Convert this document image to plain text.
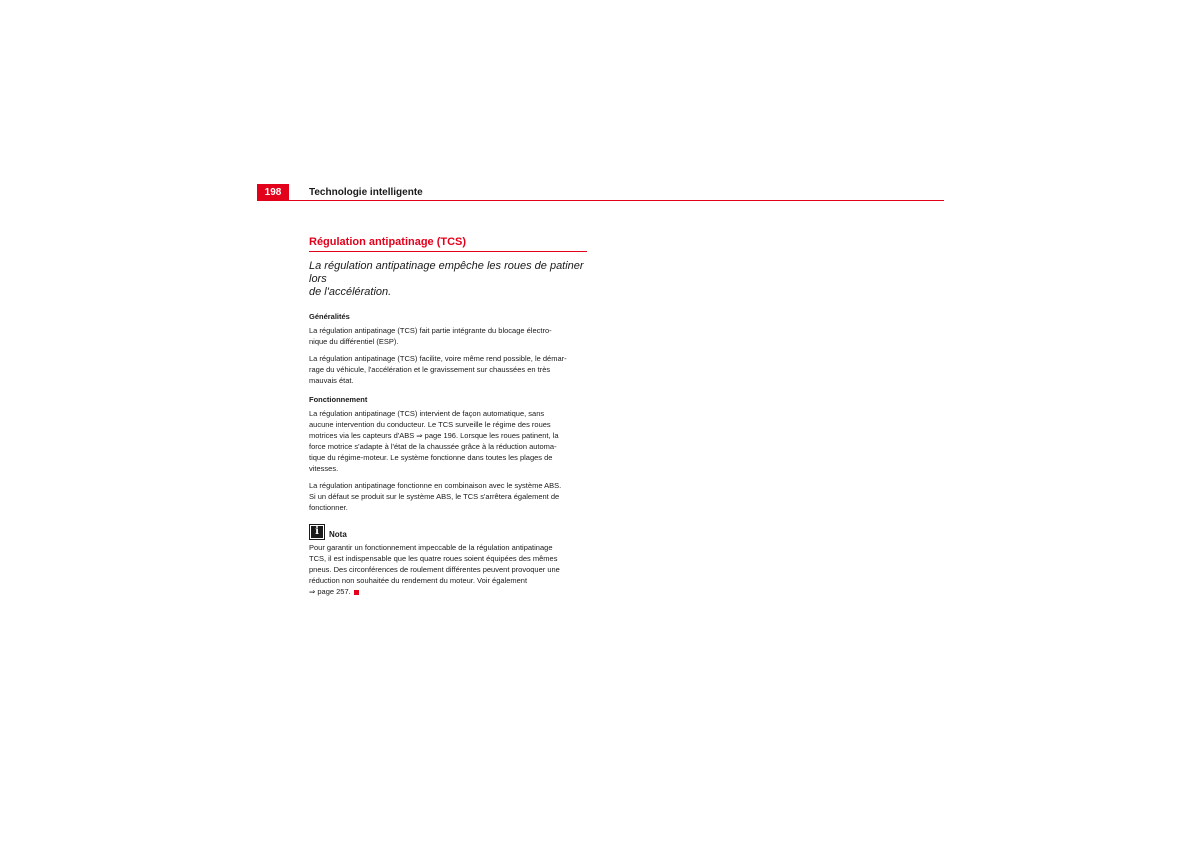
198	Technologie intelligente
Régulation antipatinage (TCS)

La régulation antipatinage empêche les roues de patiner lors
de l'accélération.

Généralités

La régulation antipatinage (TCS) fait partie intégrante du blocage électro-
nique du différentiel (ESP).

La régulation antipatinage (TCS) facilite, voire même rend possible, le démar-
rage du véhicule, l'accélération et le gravissement sur chaussées en très
mauvais état.

Fonctionnement

La régulation antipatinage (TCS) intervient de façon automatique, sans
aucune intervention du conducteur. Le TCS surveille le régime des roues
motrices via les capteurs d'ABS ⇒ page 196. Lorsque les roues patinent, la
force motrice s'adapte à l'état de la chaussée grâce à la réduction automa-
tique du régime-moteur. Le système fonctionne dans toutes les plages de
vitesses.

La régulation antipatinage fonctionne en combinaison avec le système ABS.
Si un défaut se produit sur le système ABS, le TCS s'arrêtera également de
fonctionner.

i	Nota

Pour garantir un fonctionnement impeccable de la régulation antipatinage
TCS, il est indispensable que les quatre roues soient équipées des mêmes
pneus. Des circonférences de roulement différentes peuvent provoquer une
réduction non souhaitée du rendement du moteur. Voir également
⇒ page 257.
